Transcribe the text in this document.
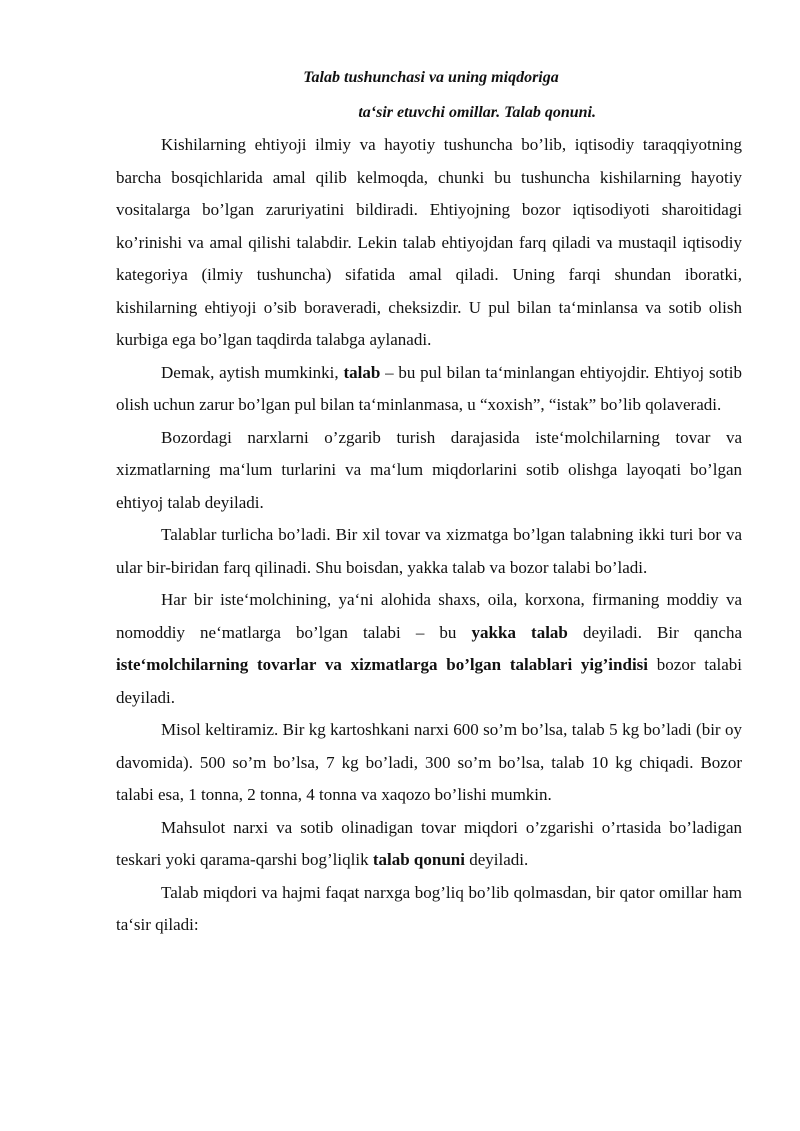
Talab tushunchasi va uning miqdoriga

taʻsir etuvchi omillar. Talab qonuni.

Kishilarning ehtiyoji ilmiy va hayotiy tushuncha bo’lib, iqtisodiy taraqqiyotning barcha bosqichlarida amal qilib kelmoqda, chunki bu tushuncha kishilarning hayotiy vositalarga bo’lgan zaruriyatini bildiradi. Ehtiyojning bozor iqtisodiyoti sharoitidagi ko’rinishi va amal qilishi talabdir. Lekin talab ehtiyojdan farq qiladi va mustaqil iqtisodiy kategoriya (ilmiy tushuncha) sifatida amal qiladi. Uning farqi shundan iboratki, kishilarning ehtiyoji o’sib boraveradi, cheksizdir. U pul bilan taʻminlansa va sotib olish kurbiga ega bo’lgan taqdirda talabga aylanadi.

Demak, aytish mumkinki, talab – bu pul bilan taʻminlangan ehtiyojdir. Ehtiyoj sotib olish uchun zarur bo’lgan pul bilan taʻminlanmasa, u “xoxish”, “istak” bo’lib qolaveradi.

Bozordagi narxlarni o’zgarib turish darajasida isteʻmolchilarning tovar va xizmatlarning maʻlum turlarini va maʻlum miqdorlarini sotib olishga layoqati bo’lgan ehtiyoj talab deyiladi.

Talablar turlicha bo’ladi. Bir xil tovar va xizmatga bo’lgan talabning ikki turi bor va ular bir-biridan farq qilinadi. Shu boisdan, yakka talab va bozor talabi bo’ladi.

Har bir isteʻmolchining, yaʻni alohida shaxs, oila, korxona, firmaning moddiy va nomoddiy neʻmatlarga bo’lgan talabi – bu yakka talab deyiladi. Bir qancha isteʻmolchilarning tovarlar va xizmatlarga bo’lgan talablari yig’indisi bozor talabi deyiladi.

Misol keltiramiz. Bir kg kartoshkani narxi 600 so’m bo’lsa, talab 5 kg bo’ladi (bir oy davomida). 500 so’m bo’lsa, 7 kg bo’ladi, 300 so’m bo’lsa, talab 10 kg chiqadi. Bozor talabi esa, 1 tonna, 2 tonna, 4 tonna va xaqozo bo’lishi mumkin.

Mahsulot narxi va sotib olinadigan tovar miqdori o’zgarishi o’rtasida bo’ladigan teskari yoki qarama-qarshi bog’liqlik talab qonuni deyiladi.

Talab miqdori va hajmi faqat narxga bog’liq bo’lib qolmasdan, bir qator omillar ham taʻsir qiladi:
